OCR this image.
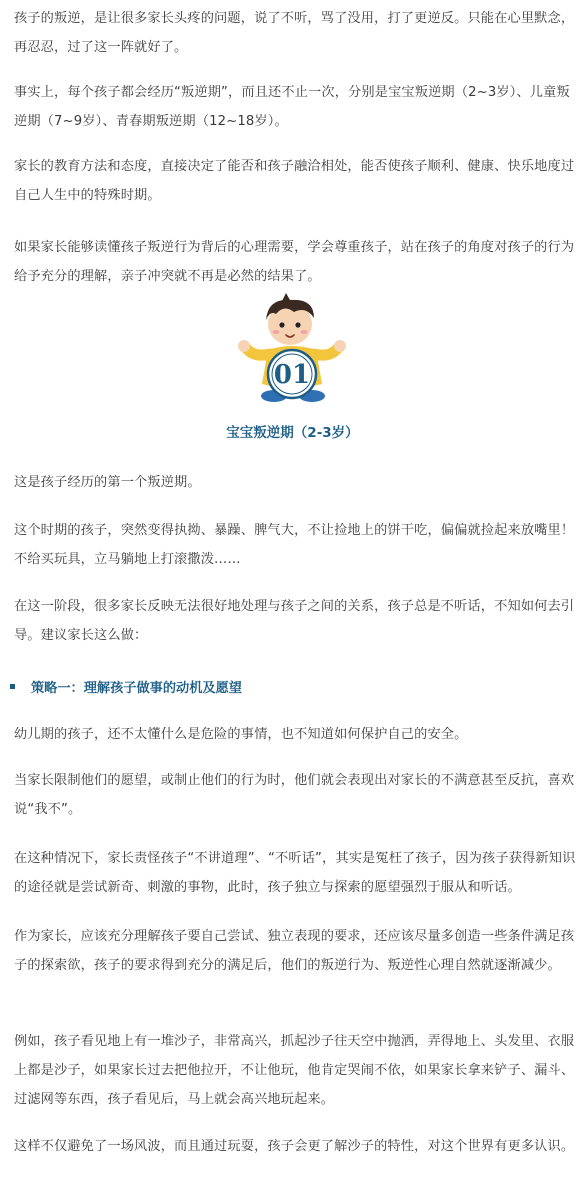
孩子的叛逆，是让很多家长头疼的问题，说了不听，骂了没用，打了更逆反。只能在心里默念，再忍忍，过了这一阵就好了。

事实上，每个孩子都会经历“叛逆期”，而且还不止一次，分别是宝宝叛逆期（2~3岁）、儿童叛逆期（7~9岁）、青春期叛逆期（12~18岁）。

家长的教育方法和态度，直接决定了能否和孩子融洽相处，能否使孩子顺利、健康、快乐地度过自己人生中的特殊时期。

如果家长能够读懂孩子叛逆行为背后的心理需要，学会尊重孩子，站在孩子的角度对孩子的行为给予充分的理解，亲子冲突就不再是必然的结果了。

01
宝宝叛逆期（2-3岁）

这是孩子经历的第一个叛逆期。

这个时期的孩子，突然变得执拗、暴躁、脾气大，不让捡地上的饼干吃，偏偏就捡起来放嘴里！不给买玩具，立马躺地上打滚撒泼……

在这一阶段，很多家长反映无法很好地处理与孩子之间的关系，孩子总是不听话，不知如何去引导。建议家长这么做：

策略一：理解孩子做事的动机及愿望

幼儿期的孩子，还不太懂什么是危险的事情，也不知道如何保护自己的安全。

当家长限制他们的愿望，或制止他们的行为时，他们就会表现出对家长的不满意甚至反抗，喜欢说“我不”。

在这种情况下，家长责怪孩子“不讲道理”、“不听话”，其实是冤枉了孩子，因为孩子获得新知识的途径就是尝试新奇、刺激的事物，此时，孩子独立与探索的愿望强烈于服从和听话。

作为家长，应该充分理解孩子要自己尝试、独立表现的要求，还应该尽量多创造一些条件满足孩子的探索欲，孩子的要求得到充分的满足后，他们的叛逆行为、叛逆性心理自然就逐渐减少。

例如，孩子看见地上有一堆沙子，非常高兴，抓起沙子往天空中抛洒，弄得地上、头发里、衣服上都是沙子，如果家长过去把他拉开，不让他玩，他肯定哭闹不依，如果家长拿来铲子、漏斗、过滤网等东西，孩子看见后，马上就会高兴地玩起来。

这样不仅避免了一场风波，而且通过玩耍，孩子会更了解沙子的特性，对这个世界有更多认识。
